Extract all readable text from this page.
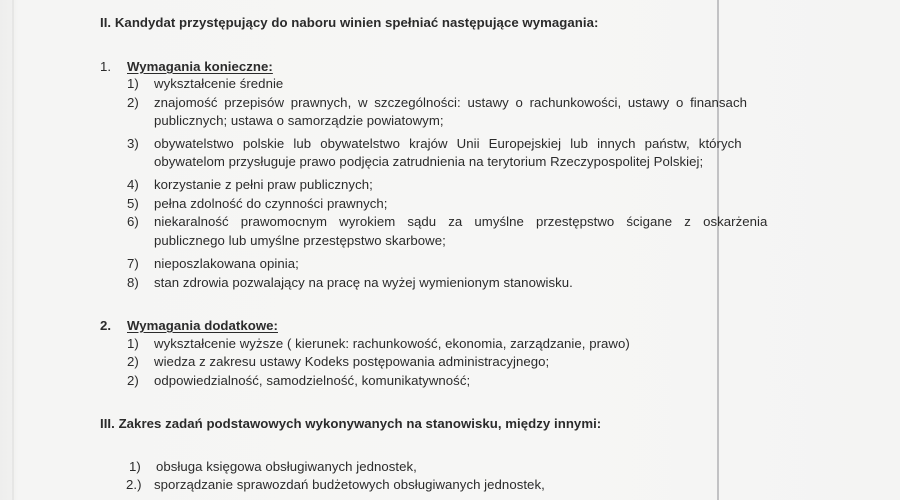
II. Kandydat przystępujący do naboru winien spełniać następujące wymagania:
1. Wymagania konieczne:
1) wykształcenie średnie
2) znajomość przepisów prawnych, w szczególności: ustawy o rachunkowości, ustawy o finansach
publicznych; ustawa o samorządzie powiatowym;
3) obywatelstwo polskie lub obywatelstwo krajów Unii Europejskiej lub innych państw, których
obywatelom przysługuje prawo podjęcia zatrudnienia na terytorium Rzeczypospolitej Polskiej;
4) korzystanie z pełni praw publicznych;
5) pełna zdolność do czynności prawnych;
6) niekaralność prawomocnym wyrokiem sądu za umyślne przestępstwo ścigane z oskarżenia
publicznego lub umyślne przestępstwo skarbowe;
7) nieposzlakowana opinia;
8) stan zdrowia pozwalający na pracę na wyżej wymienionym stanowisku.
2. Wymagania dodatkowe:
1) wykształcenie wyższe ( kierunek: rachunkowość, ekonomia, zarządzanie, prawo)
2) wiedza z zakresu ustawy Kodeks postępowania administracyjnego;
2) odpowiedzialność, samodzielność, komunikatywność;
III. Zakres zadań podstawowych wykonywanych na stanowisku, między innymi:
1) obsługa księgowa obsługiwanych jednostek,
2.) sporządzanie sprawozdań budżetowych obsługiwanych jednostek,
